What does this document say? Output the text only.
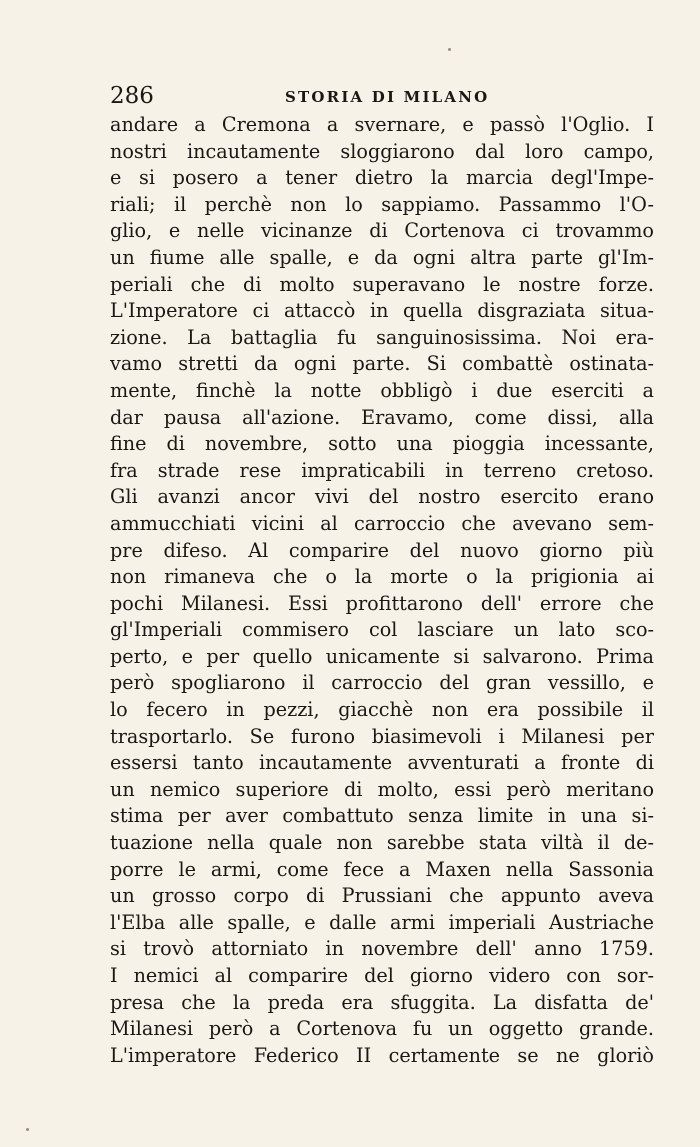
286	STORIA DI MILANO
andare a Cremona a svernare, e passò l'Oglio. I
nostri incautamente sloggiarono dal loro campo,
e si posero a tener dietro la marcia degl'Impe-
riali; il perchè non lo sappiamo. Passammo l'O-
glio, e nelle vicinanze di Cortenova ci trovammo
un fiume alle spalle, e da ogni altra parte gl'Im-
periali che di molto superavano le nostre forze.
L'Imperatore ci attaccò in quella disgraziata situa-
zione. La battaglia fu sanguinosissima. Noi era-
vamo stretti da ogni parte. Si combattè ostinata-
mente, finchè la notte obbligò i due eserciti a
dar pausa all'azione. Eravamo, come dissi, alla
fine di novembre, sotto una pioggia incessante,
fra strade rese impraticabili in terreno cretoso.
Gli avanzi ancor vivi del nostro esercito erano
ammucchiati vicini al carroccio che avevano sem-
pre difeso. Al comparire del nuovo giorno più
non rimaneva che o la morte o la prigionia ai
pochi Milanesi. Essi profittarono dell' errore che
gl'Imperiali commisero col lasciare un lato sco-
perto, e per quello unicamente si salvarono. Prima
però spogliarono il carroccio del gran vessillo, e
lo fecero in pezzi, giacchè non era possibile il
trasportarlo. Se furono biasimevoli i Milanesi per
essersi tanto incautamente avventurati a fronte di
un nemico superiore di molto, essi però meritano
stima per aver combattuto senza limite in una si-
tuazione nella quale non sarebbe stata viltà il de-
porre le armi, come fece a Maxen nella Sassonia
un grosso corpo di Prussiani che appunto aveva
l'Elba alle spalle, e dalle armi imperiali Austriache
si trovò attorniato in novembre dell' anno 1759.
I nemici al comparire del giorno videro con sor-
presa che la preda era sfuggita. La disfatta de'
Milanesi però a Cortenova fu un oggetto grande.
L'imperatore Federico II certamente se ne gloriò
